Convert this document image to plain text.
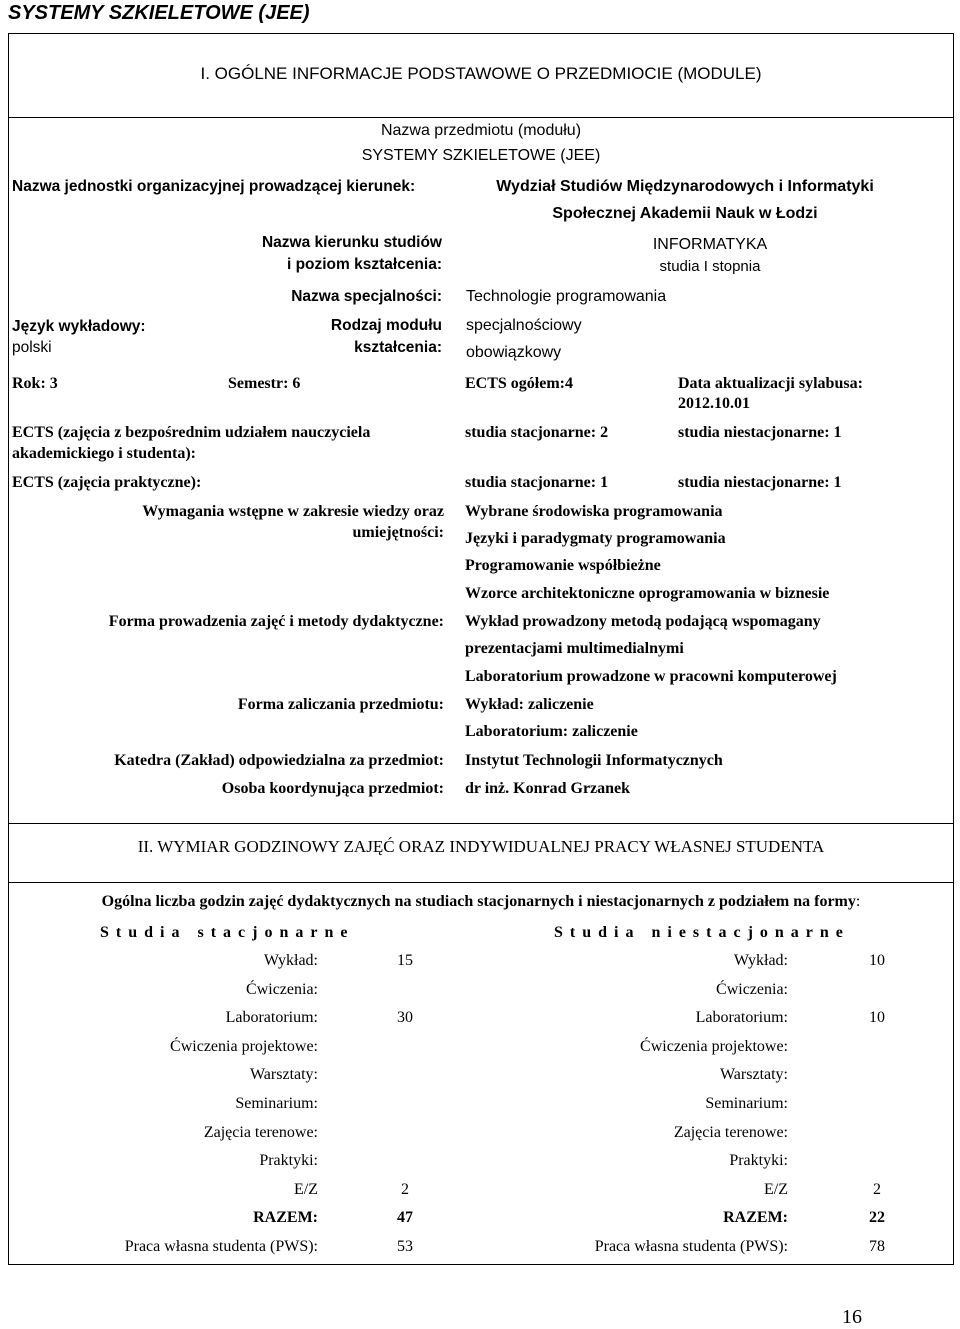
SYSTEMY SZKIELETOWE (JEE)
I. OGÓLNE INFORMACJE PODSTAWOWE O PRZEDMIOCIE (MODULE)
Nazwa przedmiotu (modułu)
SYSTEMY SZKIELETOWE (JEE)
Nazwa jednostki organizacyjnej prowadzącej kierunek:	Wydział Studiów Międzynarodowych i Informatyki
Społecznej Akademii Nauk w Łodzi
Nazwa kierunku studiów
i poziom kształcenia:
INFORMATYKA
studia I stopnia
Nazwa specjalności: Technologie programowania
Język wykładowy:
polski
Rodzaj modułu
kształcenia:
specjalnościowy
obowiązkowy
Rok: 3	Semestr: 6	ECTS ogółem:4	Data aktualizacji sylabusa:
2012.10.01
ECTS (zajęcia z bezpośrednim udziałem nauczyciela
akademickiego i studenta):
studia stacjonarne: 2	studia niestacjonarne: 1
ECTS (zajęcia praktyczne):	studia stacjonarne: 1	studia niestacjonarne: 1
Wymagania wstępne w zakresie wiedzy oraz
umiejętności:
Wybrane środowiska programowania
Języki i paradygmaty programowania
Programowanie współbieżne
Wzorce architektoniczne oprogramowania w biznesie
Forma prowadzenia zajęć i metody dydaktyczne: Wykład prowadzony metodą podającą wspomagany
prezentacjami multimedialnymi
Laboratorium prowadzone w pracowni komputerowej
Forma zaliczania przedmiotu: Wykład: zaliczenie
Laboratorium: zaliczenie
Katedra (Zakład) odpowiedzialna za przedmiot: Instytut Technologii Informatycznych
Osoba koordynująca przedmiot: dr inż. Konrad Grzanek
II. WYMIAR GODZINOWY ZAJĘĆ ORAZ INDYWIDUALNEJ PRACY WŁASNEJ STUDENTA
Ogólna liczba godzin zajęć dydaktycznych na studiach stacjonarnych i niestacjonarnych z podziałem na formy:
Studia stacjonarne	Studia niestacjonarne
Wykład:	15	Wykład:	10
Ćwiczenia:	Ćwiczenia:
Laboratorium:	30	Laboratorium:	10
Ćwiczenia projektowe:	Ćwiczenia projektowe:
Warsztaty:	Warsztaty:
Seminarium:	Seminarium:
Zajęcia terenowe:	Zajęcia terenowe:
Praktyki:	Praktyki:
E/Z	2	E/Z	2
RAZEM:	47	RAZEM:	22
Praca własna studenta (PWS):	53	Praca własna studenta (PWS):	78
16
